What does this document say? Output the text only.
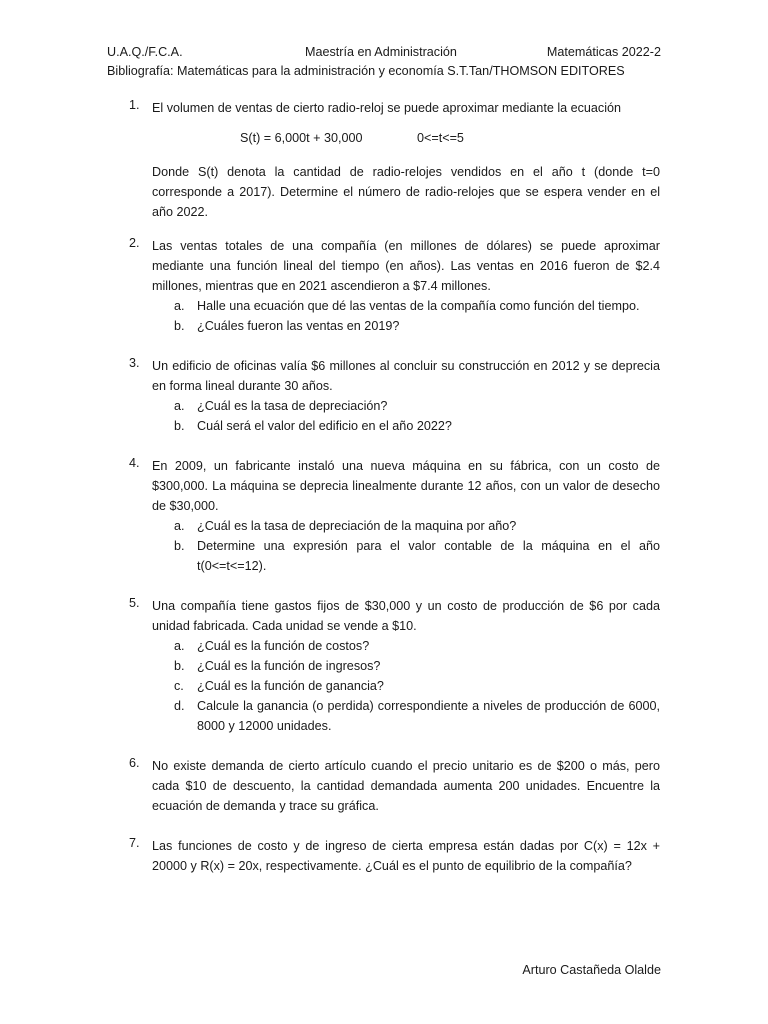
U.A.Q./F.C.A.	Maestría en Administración	Matemáticas 2022-2
Bibliografía: Matemáticas para la administración y economía S.T.Tan/THOMSON EDITORES
1. El volumen de ventas de cierto radio-reloj se puede aproximar mediante la ecuación
S(t) = 6,000t + 30,000	0<=t<=5
Donde S(t) denota la cantidad de radio-relojes vendidos en el año t (donde t=0 corresponde a 2017). Determine el número de radio-relojes que se espera vender en el año 2022.
2. Las ventas totales de una compañía (en millones de dólares) se puede aproximar mediante una función lineal del tiempo (en años). Las ventas en 2016 fueron de $2.4 millones, mientras que en 2021 ascendieron a $7.4 millones.
a. Halle una ecuación que dé las ventas de la compañía como función del tiempo.
b. ¿Cuáles fueron las ventas en 2019?
3. Un edificio de oficinas valía $6 millones al concluir su construcción en 2012 y se deprecia en forma lineal durante 30 años.
a. ¿Cuál es la tasa de depreciación?
b. Cuál será el valor del edificio en el año 2022?
4. En 2009, un fabricante instaló una nueva máquina en su fábrica, con un costo de $300,000. La máquina se deprecia linealmente durante 12 años, con un valor de desecho de $30,000.
a. ¿Cuál es la tasa de depreciación de la maquina por año?
b. Determine una expresión para el valor contable de la máquina en el año t(0<=t<=12).
5. Una compañía tiene gastos fijos de $30,000 y un costo de producción de $6 por cada unidad fabricada. Cada unidad se vende a $10.
a. ¿Cuál es la función de costos?
b. ¿Cuál es la función de ingresos?
c. ¿Cuál es la función de ganancia?
d. Calcule la ganancia (o perdida) correspondiente a niveles de producción de 6000, 8000 y 12000 unidades.
6. No existe demanda de cierto artículo cuando el precio unitario es de $200 o más, pero cada $10 de descuento, la cantidad demandada aumenta 200 unidades. Encuentre la ecuación de demanda y trace su gráfica.
7. Las funciones de costo y de ingreso de cierta empresa están dadas por C(x) = 12x + 20000 y R(x) = 20x, respectivamente. ¿Cuál es el punto de equilibrio de la compañía?
Arturo Castañeda Olalde
